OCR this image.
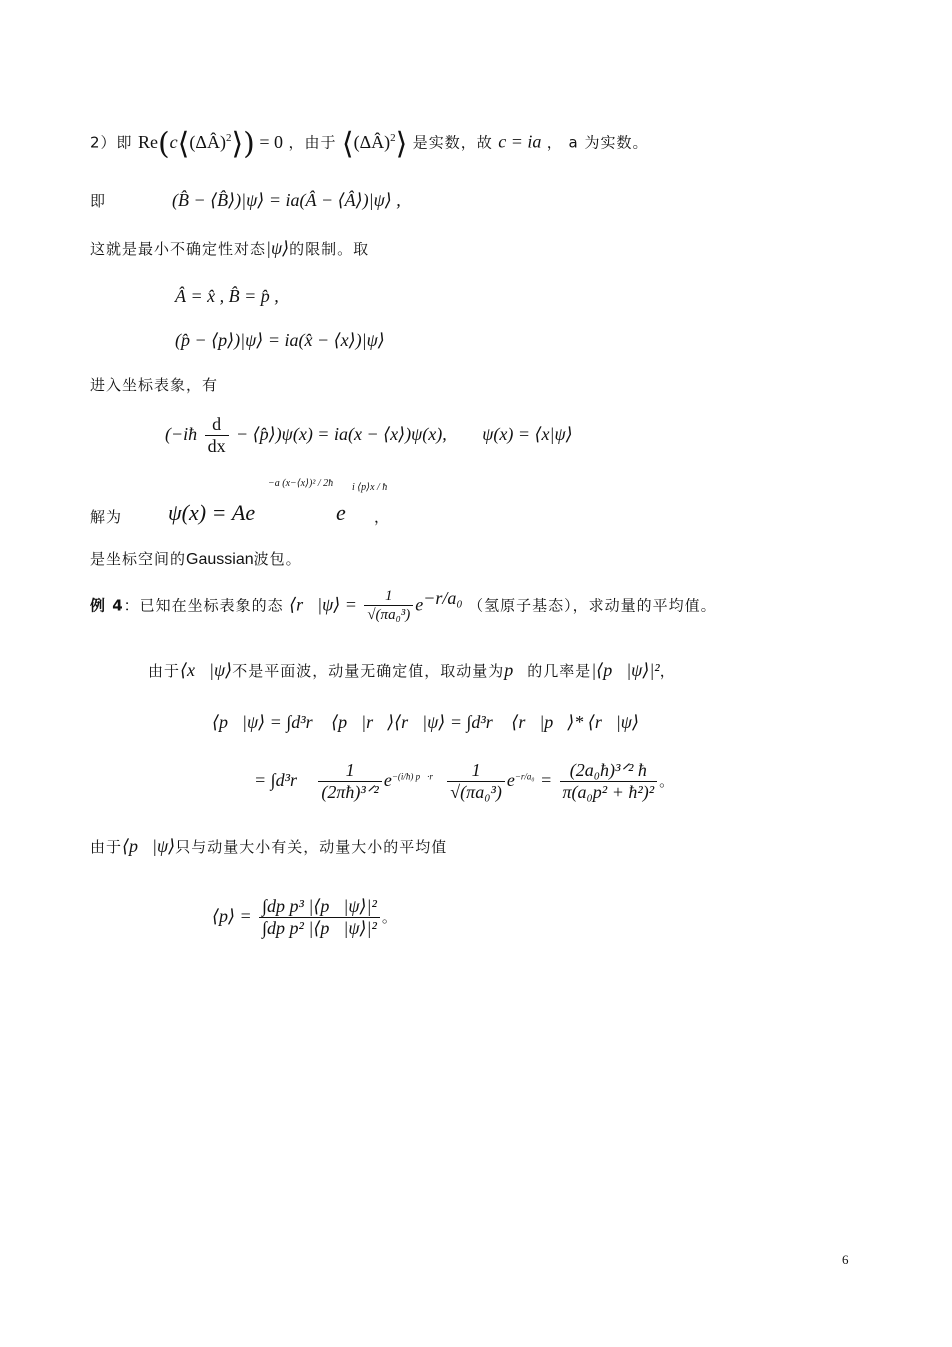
2）即 Re(c⟨(ΔÂ)$^2$⟩) = 0 ，由于 ⟨(ΔÂ)$^2$⟩ 是实数，故 c = ia ， a 为实数。
即	(B̂ − ⟨B̂⟩)|ψ⟩ = ia(Â − ⟨Â⟩)|ψ⟩ ,
这就是最小不确定性对态|ψ⟩的限制。取
Â = x̂ , B̂ = p̂ ,
(p̂ − ⟨p⟩)|ψ⟩ = ia(x̂ − ⟨x⟩)|ψ⟩
进入坐标表象，有
(−iħ $\frac{d}{dx}$ − ⟨p̂⟩)ψ(x) = ia(x − ⟨x⟩)ψ(x), ψ(x) = ⟨x|ψ⟩
解为 ψ(x) = Ae
−a (x−⟨x⟩)² / 2ħ
e
i ⟨p⟩x / ħ
，
是坐标空间的Gaussian波包。
例 4：已知在坐标表象的态 ⟨r⃗|ψ⟩ = $\frac{1}{\text{√(πa₀³)}} e^{-r/a_0}$ （氢原子基态），求动量的平均值。
由于⟨x⃗|ψ⟩不是平面波，动量无确定值，取动量为p⃗的几率是|⟨p⃗|ψ⟩|²，
⟨p⃗|ψ⟩ = ∫d³r⃗ ⟨p⃗|r⃗⟩⟨r⃗|ψ⟩ = ∫d³r⃗ ⟨r⃗|p⃗⟩* ⟨r⃗|ψ⟩
= ∫d³r⃗ $\frac{1}{\text{(2πħ)³ᐟ²}} e^{-(i/ħ) p⃗\cdot r⃗} \frac{1}{\text{√(πa₀³)}} e^{-r/a_0} = \frac{\text{(2a₀ħ)³ᐟ² ħ}}{\text{π(a₀p² + ħ²)²}}$ 。
由于⟨p⃗|ψ⟩只与动量大小有关，动量大小的平均值
⟨p⟩ = $\frac{\text{∫dp p³ |⟨p⃗|ψ⟩|²}}{\text{∫dp p² |⟨p⃗|ψ⟩|²}}$ 。
6
